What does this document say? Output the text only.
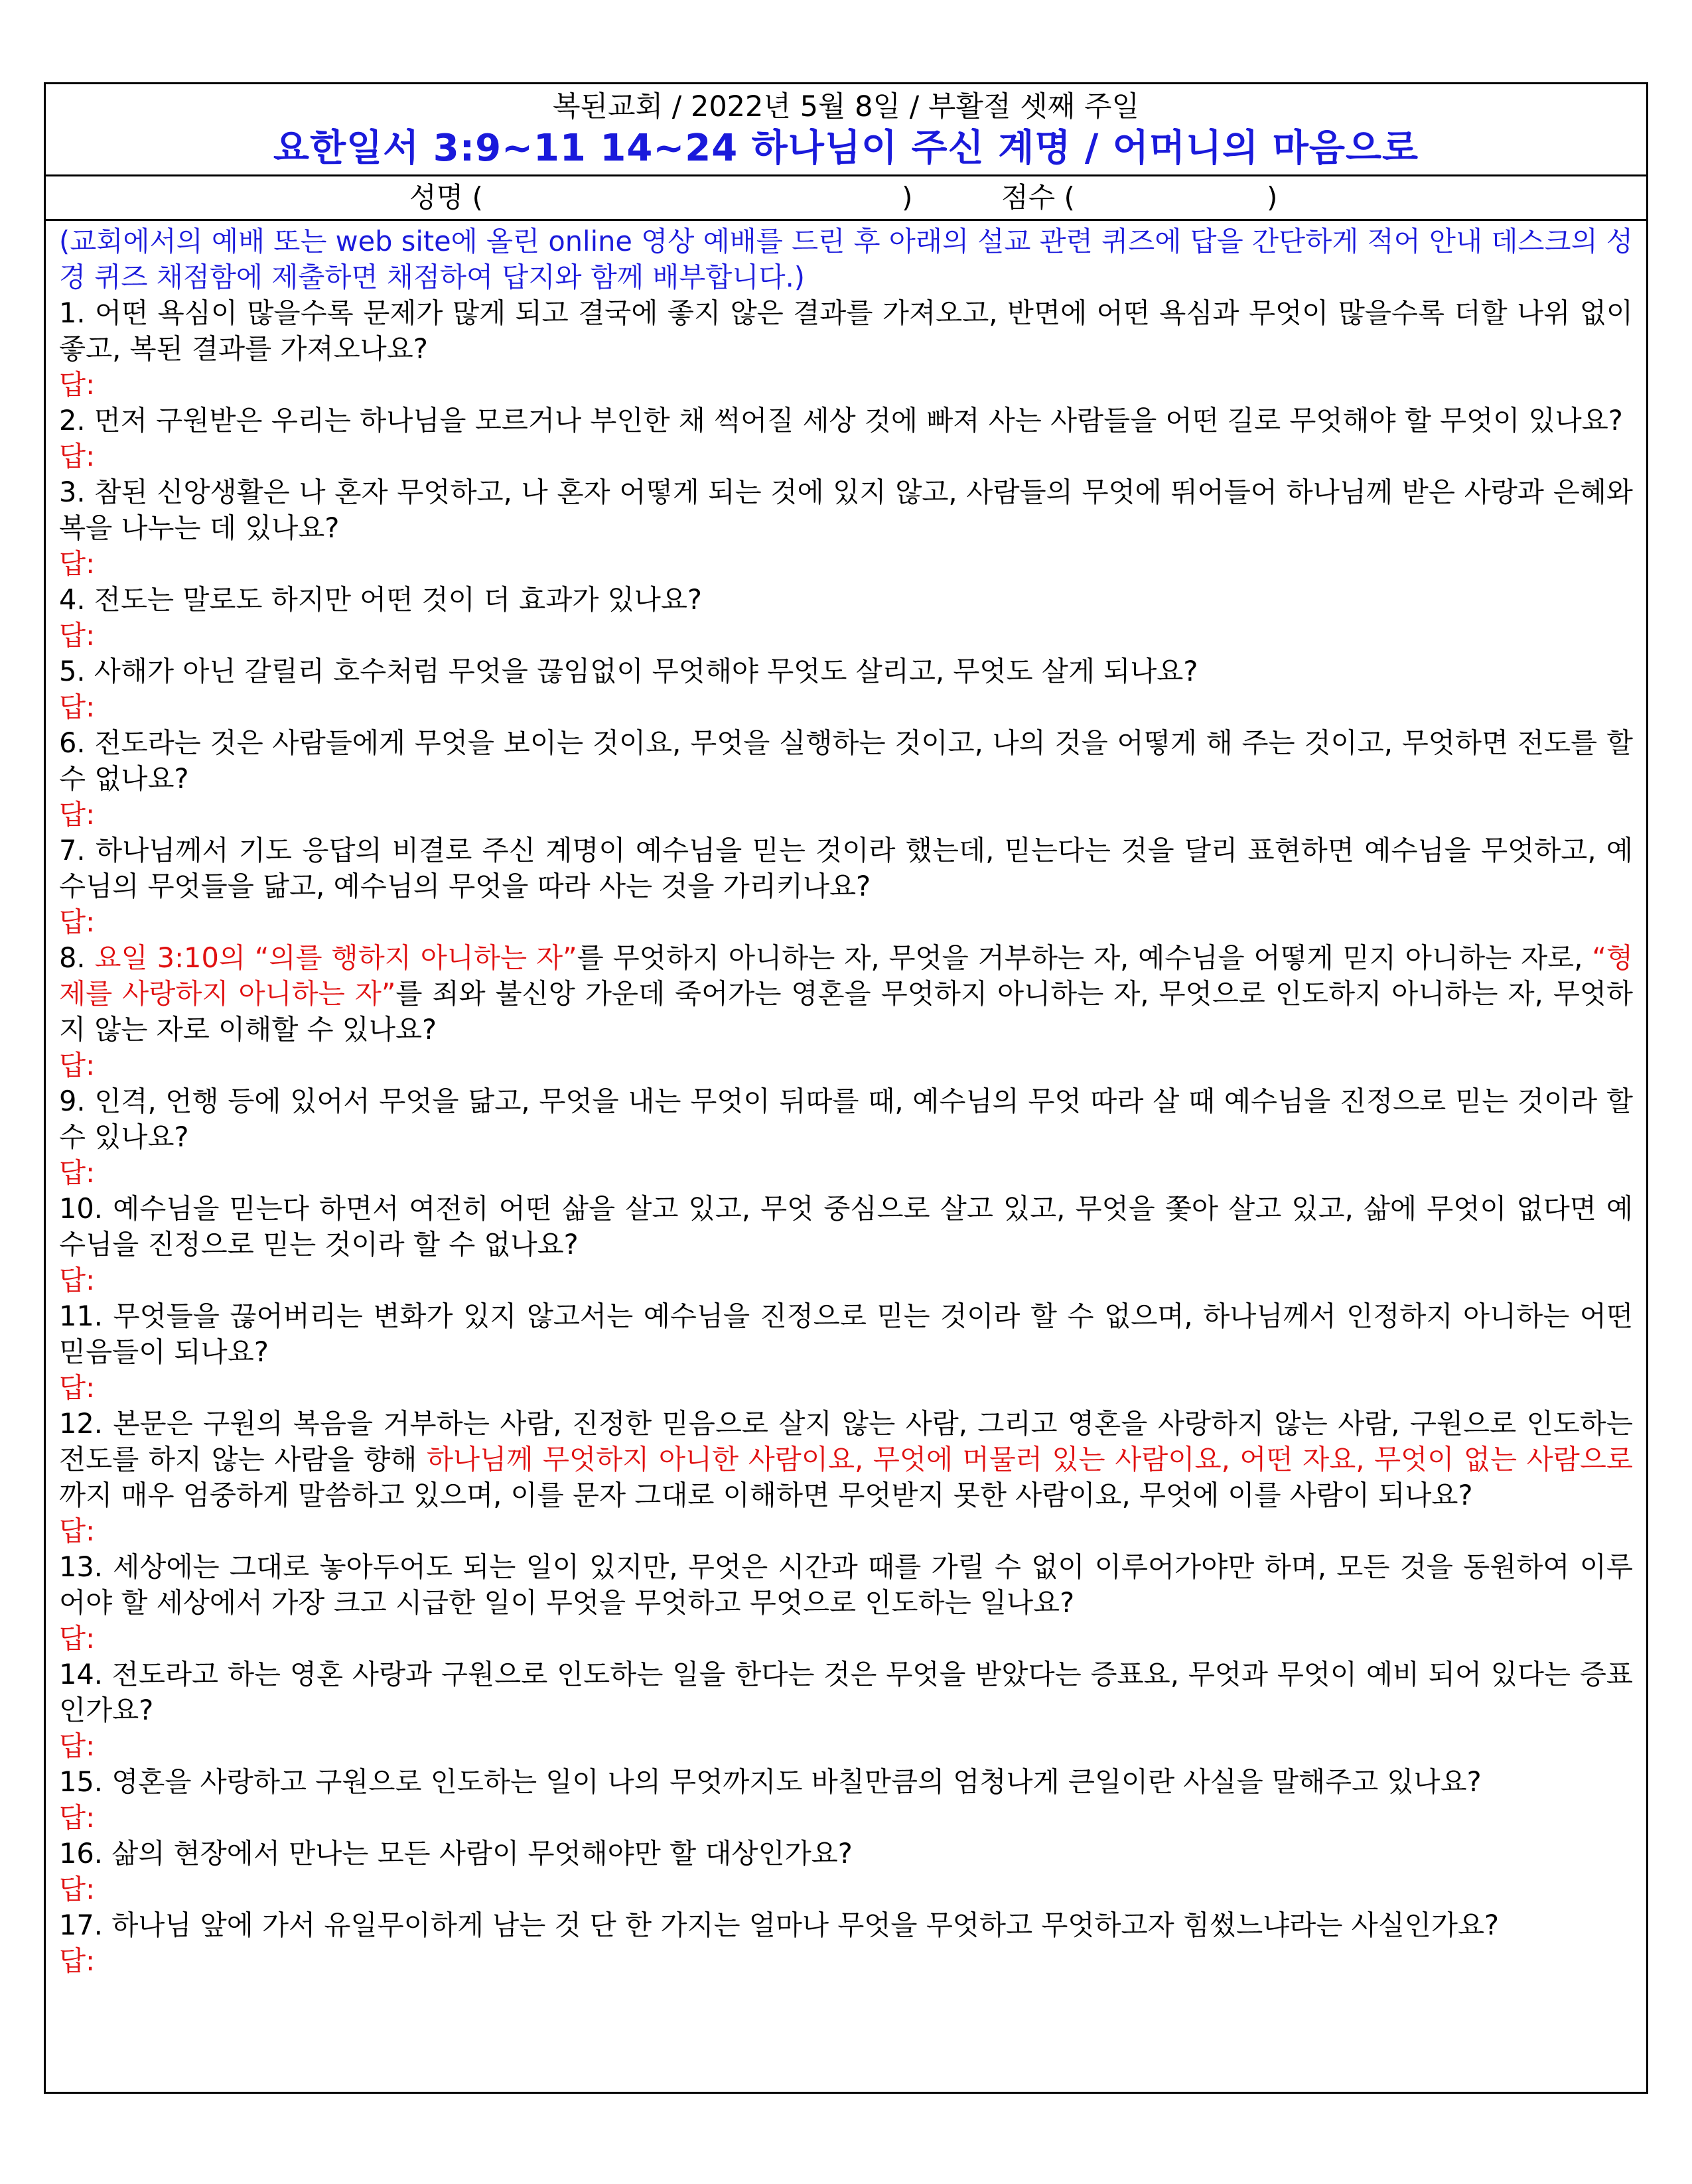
복된교회 / 2022년 5월 8일 / 부활절 셋째 주일
요한일서 3:9~11 14~24 하나님이 주신 계명 / 어머니의 마음으로
성명 (	)	점수 (	)

(교회에서의 예배 또는 web site에 올린 online 영상 예배를 드린 후 아래의 설교 관련 퀴즈에 답을 간단하게 적어 안내 데스크의 성경 퀴즈 채점함에 제출하면 채점하여 답지와 함께 배부합니다.)

1. 어떤 욕심이 많을수록 문제가 많게 되고 결국에 좋지 않은 결과를 가져오고, 반면에 어떤 욕심과 무엇이 많을수록 더할 나위 없이 좋고, 복된 결과를 가져오나요?

답:

2. 먼저 구원받은 우리는 하나님을 모르거나 부인한 채 썩어질 세상 것에 빠져 사는 사람들을 어떤 길로 무엇해야 할 무엇이 있나요?

답:

3. 참된 신앙생활은 나 혼자 무엇하고, 나 혼자 어떻게 되는 것에 있지 않고, 사람들의 무엇에 뛰어들어 하나님께 받은 사랑과 은혜와 복을 나누는 데 있나요?

답:

4. 전도는 말로도 하지만 어떤 것이 더 효과가 있나요?

답:

5. 사해가 아닌 갈릴리 호수처럼 무엇을 끊임없이 무엇해야 무엇도 살리고, 무엇도 살게 되나요?

답:

6. 전도라는 것은 사람들에게 무엇을 보이는 것이요, 무엇을 실행하는 것이고, 나의 것을 어떻게 해 주는 것이고, 무엇하면 전도를 할 수 없나요?

답:

7. 하나님께서 기도 응답의 비결로 주신 계명이 예수님을 믿는 것이라 했는데, 믿는다는 것을 달리 표현하면 예수님을 무엇하고, 예수님의 무엇들을 닮고, 예수님의 무엇을 따라 사는 것을 가리키나요?

답:

8. 요일 3:10의 “의를 행하지 아니하는 자”를 무엇하지 아니하는 자, 무엇을 거부하는 자, 예수님을 어떻게 믿지 아니하는 자로, “형제를 사랑하지 아니하는 자”를 죄와 불신앙 가운데 죽어가는 영혼을 무엇하지 아니하는 자, 무엇으로 인도하지 아니하는 자, 무엇하지 않는 자로 이해할 수 있나요?

답:

9. 인격, 언행 등에 있어서 무엇을 닮고, 무엇을 내는 무엇이 뒤따를 때, 예수님의 무엇 따라 살 때 예수님을 진정으로 믿는 것이라 할 수 있나요?

답:

10. 예수님을 믿는다 하면서 여전히 어떤 삶을 살고 있고, 무엇 중심으로 살고 있고, 무엇을 쫓아 살고 있고, 삶에 무엇이 없다면 예수님을 진정으로 믿는 것이라 할 수 없나요?

답:

11. 무엇들을 끊어버리는 변화가 있지 않고서는 예수님을 진정으로 믿는 것이라 할 수 없으며, 하나님께서 인정하지 아니하는 어떤 믿음들이 되나요?

답:

12. 본문은 구원의 복음을 거부하는 사람, 진정한 믿음으로 살지 않는 사람, 그리고 영혼을 사랑하지 않는 사람, 구원으로 인도하는 전도를 하지 않는 사람을 향해 하나님께 무엇하지 아니한 사람이요, 무엇에 머물러 있는 사람이요, 어떤 자요, 무엇이 없는 사람으로까지 매우 엄중하게 말씀하고 있으며, 이를 문자 그대로 이해하면 무엇받지 못한 사람이요, 무엇에 이를 사람이 되나요?

답:

13. 세상에는 그대로 놓아두어도 되는 일이 있지만, 무엇은 시간과 때를 가릴 수 없이 이루어가야만 하며, 모든 것을 동원하여 이루어야 할 세상에서 가장 크고 시급한 일이 무엇을 무엇하고 무엇으로 인도하는 일나요?

답:

14. 전도라고 하는 영혼 사랑과 구원으로 인도하는 일을 한다는 것은 무엇을 받았다는 증표요, 무엇과 무엇이 예비 되어 있다는 증표인가요?

답:

15. 영혼을 사랑하고 구원으로 인도하는 일이 나의 무엇까지도 바칠만큼의 엄청나게 큰일이란 사실을 말해주고 있나요?

답:

16. 삶의 현장에서 만나는 모든 사람이 무엇해야만 할 대상인가요?

답:

17. 하나님 앞에 가서 유일무이하게 남는 것 단 한 가지는 얼마나 무엇을 무엇하고 무엇하고자 힘썼느냐라는 사실인가요?

답:
